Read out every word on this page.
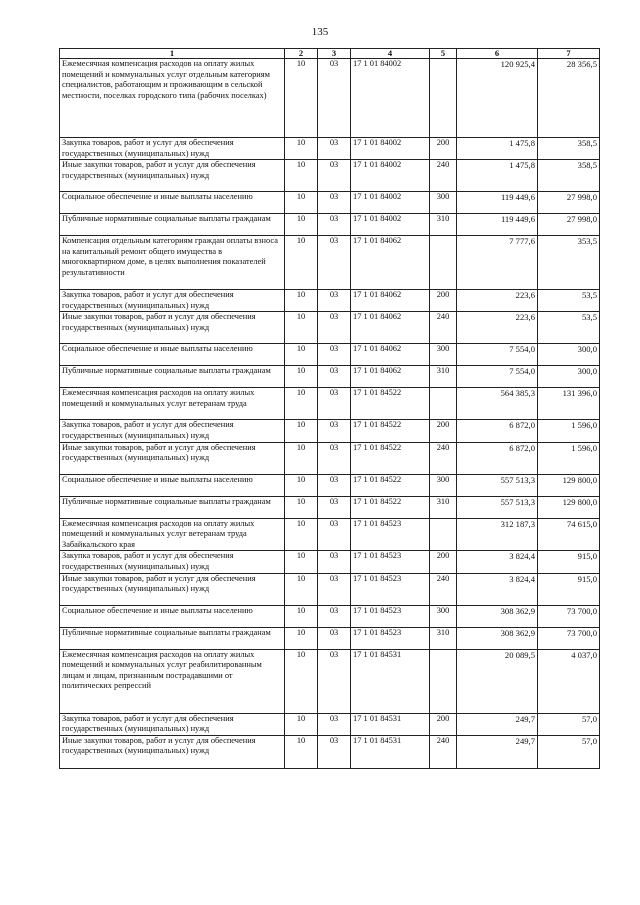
135
1	2	3	4	5	6	7
Ежемесячная компенсация расходов на оплату жилых помещений и коммунальных услуг отдельным категориям специалистов, работающим и проживающим в сельской местности, поселках городского типа (рабочих поселках)	10	03	17 1 01 84002		120 925,4	28 356,5
Закупка товаров, работ и услуг для обеспечения государственных (муниципальных) нужд	10	03	17 1 01 84002	200	1 475,8	358,5
Иные закупки товаров, работ и услуг для обеспечения государственных (муниципальных) нужд	10	03	17 1 01 84002	240	1 475,8	358,5
Социальное обеспечение и иные выплаты населению	10	03	17 1 01 84002	300	119 449,6	27 998,0
Публичные нормативные социальные выплаты гражданам	10	03	17 1 01 84002	310	119 449,6	27 998,0
Компенсация отдельным категориям граждан оплаты взноса на капитальный ремонт общего имущества в многоквартирном доме, в целях выполнения показателей результативности	10	03	17 1 01 84062		7 777,6	353,5
Закупка товаров, работ и услуг для обеспечения государственных (муниципальных) нужд	10	03	17 1 01 84062	200	223,6	53,5
Иные закупки товаров, работ и услуг для обеспечения государственных (муниципальных) нужд	10	03	17 1 01 84062	240	223,6	53,5
Социальное обеспечение и иные выплаты населению	10	03	17 1 01 84062	300	7 554,0	300,0
Публичные нормативные социальные выплаты гражданам	10	03	17 1 01 84062	310	7 554,0	300,0
Ежемесячная компенсация расходов на оплату жилых помещений и коммунальных услуг ветеранам труда	10	03	17 1 01 84522		564 385,3	131 396,0
Закупка товаров, работ и услуг для обеспечения государственных (муниципальных) нужд	10	03	17 1 01 84522	200	6 872,0	1 596,0
Иные закупки товаров, работ и услуг для обеспечения государственных (муниципальных) нужд	10	03	17 1 01 84522	240	6 872,0	1 596,0
Социальное обеспечение и иные выплаты населению	10	03	17 1 01 84522	300	557 513,3	129 800,0
Публичные нормативные социальные выплаты гражданам	10	03	17 1 01 84522	310	557 513,3	129 800,0
Ежемесячная компенсация расходов на оплату жилых помещений и коммунальных услуг ветеранам труда Забайкальского края	10	03	17 1 01 84523		312 187,3	74 615,0
Закупка товаров, работ и услуг для обеспечения государственных (муниципальных) нужд	10	03	17 1 01 84523	200	3 824,4	915,0
Иные закупки товаров, работ и услуг для обеспечения государственных (муниципальных) нужд	10	03	17 1 01 84523	240	3 824,4	915,0
Социальное обеспечение и иные выплаты населению	10	03	17 1 01 84523	300	308 362,9	73 700,0
Публичные нормативные социальные выплаты гражданам	10	03	17 1 01 84523	310	308 362,9	73 700,0
Ежемесячная компенсация расходов на оплату жилых помещений и коммунальных услуг реабилитированным лицам и лицам, признанным пострадавшими от политических репрессий	10	03	17 1 01 84531		20 089,5	4 037,0
Закупка товаров, работ и услуг для обеспечения государственных (муниципальных) нужд	10	03	17 1 01 84531	200	249,7	57,0
Иные закупки товаров, работ и услуг для обеспечения государственных (муниципальных) нужд	10	03	17 1 01 84531	240	249,7	57,0
